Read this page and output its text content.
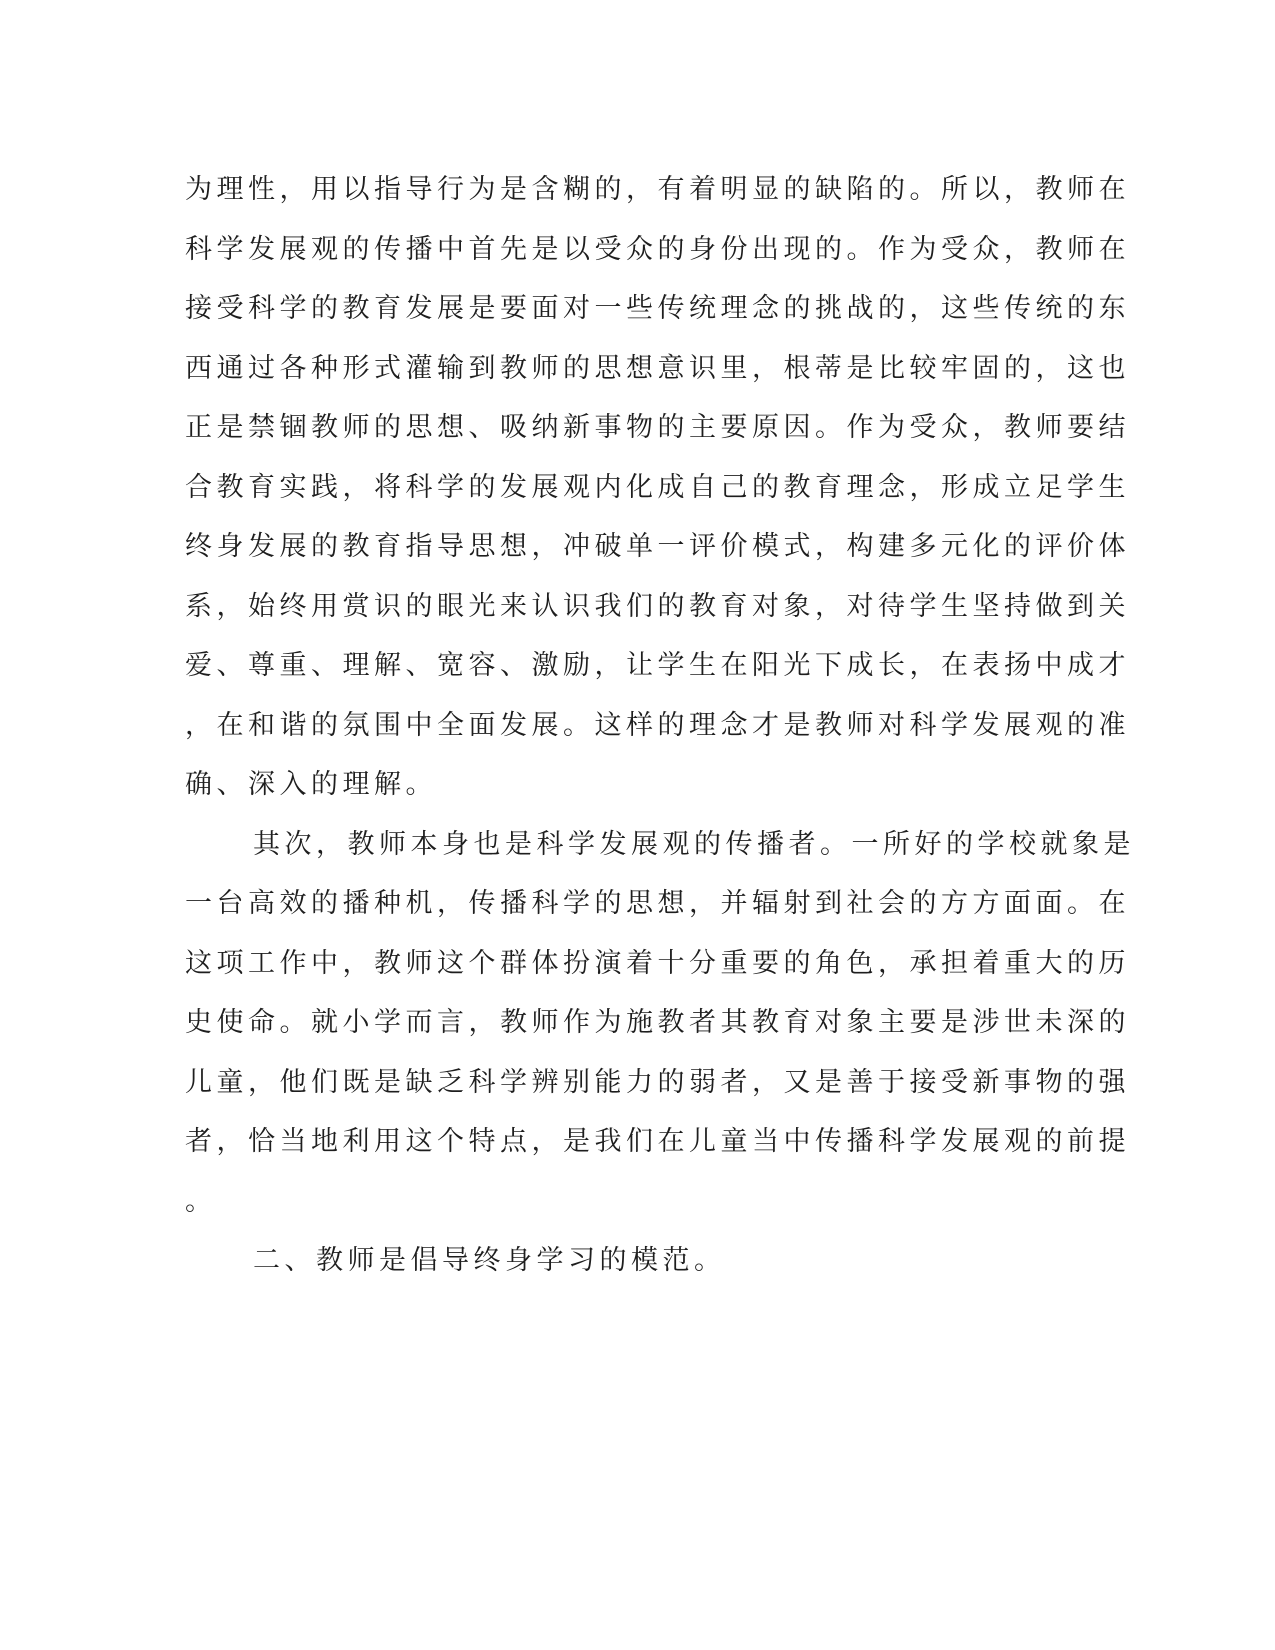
为理性，用以指导行为是含糊的，有着明显的缺陷的。所以，教师在
科学发展观的传播中首先是以受众的身份出现的。作为受众，教师在
接受科学的教育发展是要面对一些传统理念的挑战的，这些传统的东
西通过各种形式灌输到教师的思想意识里，根蒂是比较牢固的，这也
正是禁锢教师的思想、吸纳新事物的主要原因。作为受众，教师要结
合教育实践，将科学的发展观内化成自己的教育理念，形成立足学生
终身发展的教育指导思想，冲破单一评价模式，构建多元化的评价体
系，始终用赏识的眼光来认识我们的教育对象，对待学生坚持做到关
爱、尊重、理解、宽容、激励，让学生在阳光下成长，在表扬中成才
，在和谐的氛围中全面发展。这样的理念才是教师对科学发展观的准
确、深入的理解。
其次，教师本身也是科学发展观的传播者。一所好的学校就象是
一台高效的播种机，传播科学的思想，并辐射到社会的方方面面。在
这项工作中，教师这个群体扮演着十分重要的角色，承担着重大的历
史使命。就小学而言，教师作为施教者其教育对象主要是涉世未深的
儿童，他们既是缺乏科学辨别能力的弱者，又是善于接受新事物的强
者，恰当地利用这个特点，是我们在儿童当中传播科学发展观的前提
。
二、教师是倡导终身学习的模范。
